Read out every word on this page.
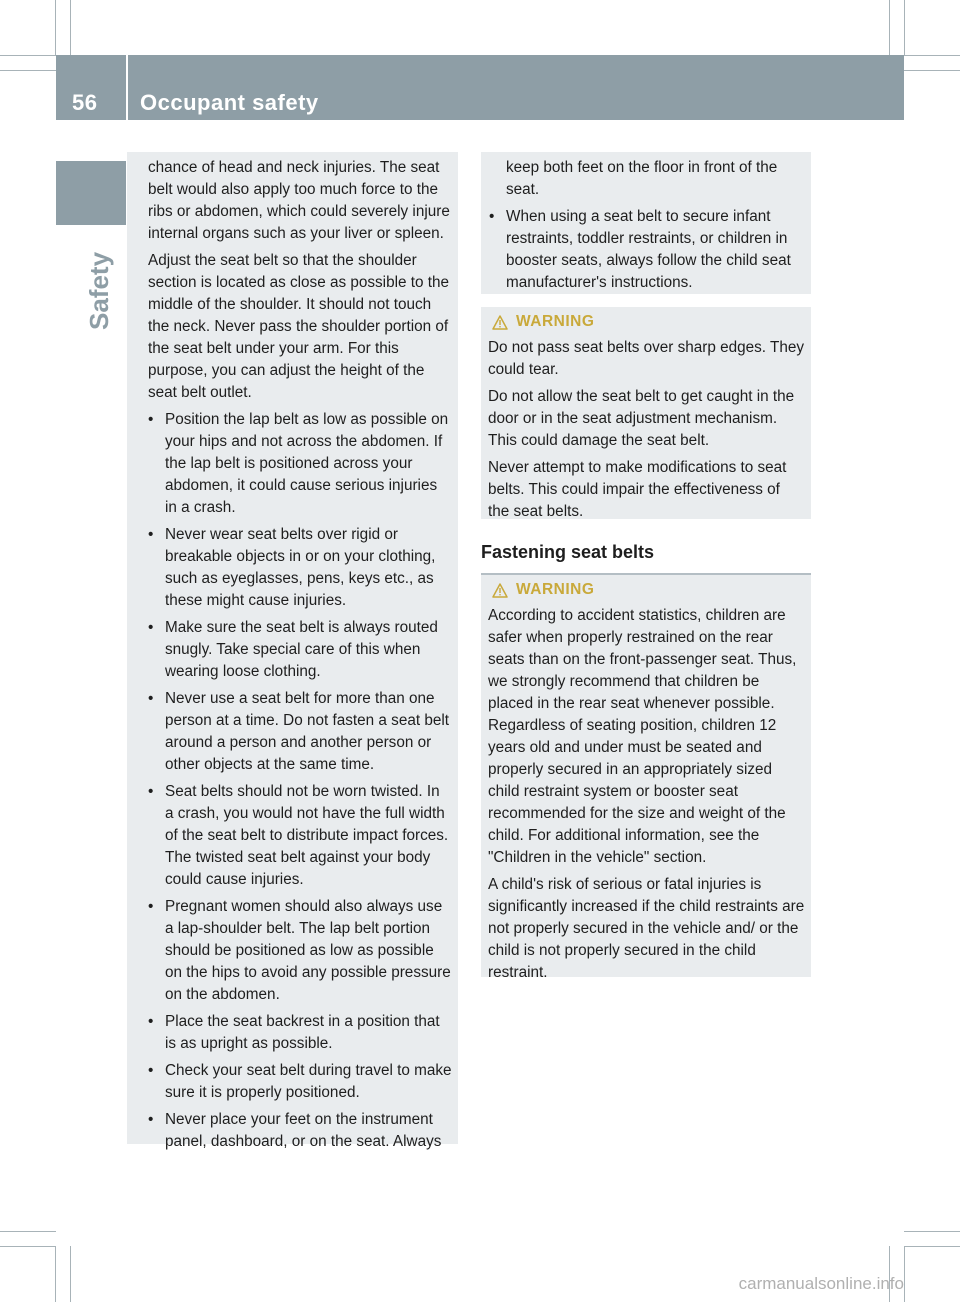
56 Occupant safety
Safety

chance of head and neck injuries. The seat belt would also apply too much force to the ribs or abdomen, which could severely injure internal organs such as your liver or spleen.

Adjust the seat belt so that the shoulder section is located as close as possible to the middle of the shoulder. It should not touch the neck. Never pass the shoulder portion of the seat belt under your arm. For this purpose, you can adjust the height of the seat belt outlet.

• Position the lap belt as low as possible on your hips and not across the abdomen. If the lap belt is positioned across your abdomen, it could cause serious injuries in a crash.
• Never wear seat belts over rigid or breakable objects in or on your clothing, such as eyeglasses, pens, keys etc., as these might cause injuries.
• Make sure the seat belt is always routed snugly. Take special care of this when wearing loose clothing.
• Never use a seat belt for more than one person at a time. Do not fasten a seat belt around a person and another person or other objects at the same time.
• Seat belts should not be worn twisted. In a crash, you would not have the full width of the seat belt to distribute impact forces. The twisted seat belt against your body could cause injuries.
• Pregnant women should also always use a lap-shoulder belt. The lap belt portion should be positioned as low as possible on the hips to avoid any possible pressure on the abdomen.
• Place the seat backrest in a position that is as upright as possible.
• Check your seat belt during travel to make sure it is properly positioned.
• Never place your feet on the instrument panel, dashboard, or on the seat. Always

keep both feet on the floor in front of the seat.

• When using a seat belt to secure infant restraints, toddler restraints, or children in booster seats, always follow the child seat manufacturer's instructions.
WARNING

Do not pass seat belts over sharp edges. They could tear.

Do not allow the seat belt to get caught in the door or in the seat adjustment mechanism. This could damage the seat belt.

Never attempt to make modifications to seat belts. This could impair the effectiveness of the seat belts.

Fastening seat belts
WARNING

According to accident statistics, children are safer when properly restrained on the rear seats than on the front-passenger seat. Thus, we strongly recommend that children be placed in the rear seat whenever possible. Regardless of seating position, children 12 years old and under must be seated and properly secured in an appropriately sized child restraint system or booster seat recommended for the size and weight of the child. For additional information, see the "Children in the vehicle" section.

A child's risk of serious or fatal injuries is significantly increased if the child restraints are not properly secured in the vehicle and/ or the child is not properly secured in the child restraint.

carmanualsonline.info
